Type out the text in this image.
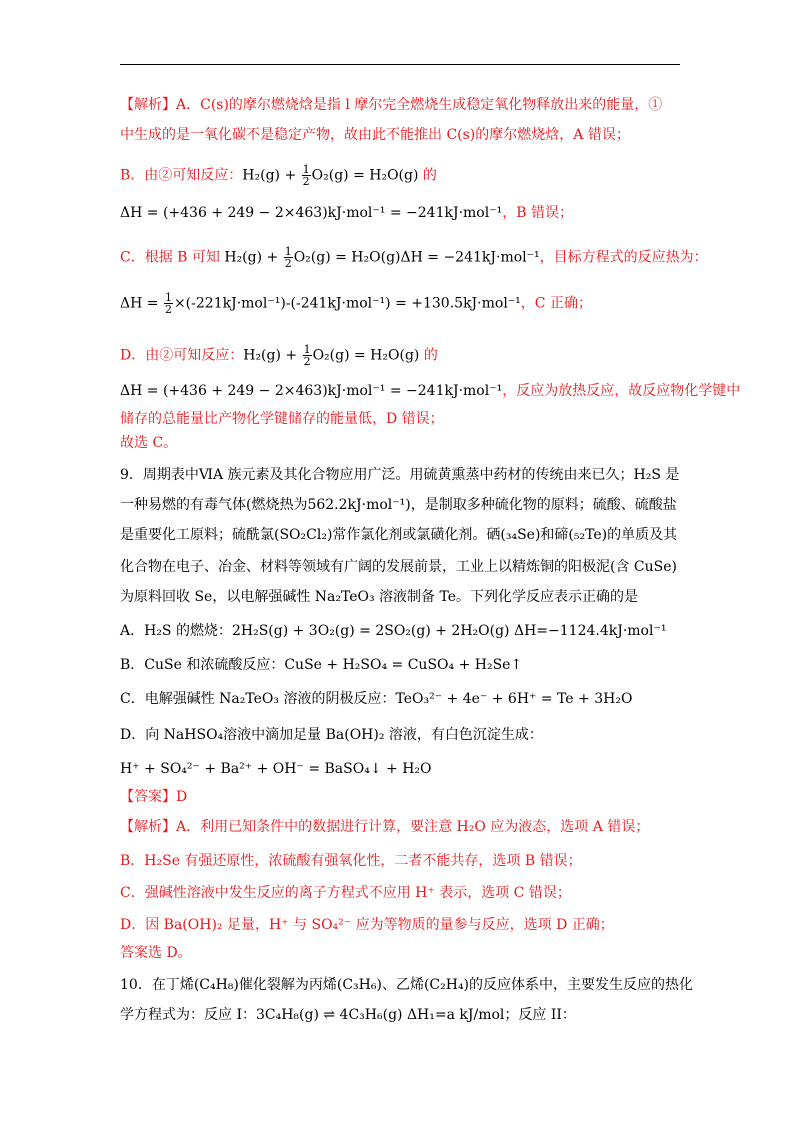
【解析】A．C(s)的摩尔燃烧焓是指 l 摩尔完全燃烧生成稳定氧化物释放出来的能量，①
中生成的是一氧化碳不是稳定产物，故由此不能推出 C(s)的摩尔燃烧焓，A 错误；
B．由②可知反应：$H_2(g) + \frac{1}{2} O_2(g) = H_2O(g)$ 的
ΔH = (+436 + 249 − 2×463)kJ·mol⁻¹ = −241kJ·mol⁻¹，B 错误；
C．根据 B 可知 $H_2(g) + \frac{1}{2} O_2(g) = H_2O(g)\Delta H = -241kJ\cdot mol^{-1}$，目标方程式的反应热为：
$\Delta H = \frac{1}{2} \times(-221kJ\cdot mol^{-1})-(-241kJ\cdot mol^{-1}) = +130.5kJ\cdot mol^{-1}$，C 正确；
D．由②可知反应：$H_2(g) + \frac{1}{2} O_2(g) = H_2O(g)$ 的
ΔH = (+436 + 249 − 2×463)kJ·mol⁻¹ = −241kJ·mol⁻¹，反应为放热反应，故反应物化学键中
储存的总能量比产物化学键储存的能量低，D 错误；
故选 C。
9．周期表中ⅥA 族元素及其化合物应用广泛。用硫黄熏蒸中药材的传统由来已久；H₂S 是
一种易燃的有毒气体(燃烧热为562.2kJ·mol⁻¹)，是制取多种硫化物的原料；硫酸、硫酸盐
是重要化工原料；硫酰氯(SO₂Cl₂)常作氯化剂或氯磺化剂。硒(₃₄Se)和碲(₅₂Te)的单质及其
化合物在电子、冶金、材料等领域有广阔的发展前景，工业上以精炼铜的阳极泥(含 CuSe)
为原料回收 Se，以电解强碱性 Na₂TeO₃ 溶液制备 Te。下列化学反应表示正确的是
A．H₂S 的燃烧：2H₂S(g) + 3O₂(g) = 2SO₂(g) + 2H₂O(g) ΔH=−1124.4kJ·mol⁻¹
B．CuSe 和浓硫酸反应：CuSe + H₂SO₄ = CuSO₄ + H₂Se↑
C．电解强碱性 Na₂TeO₃ 溶液的阴极反应：TeO₃²⁻ + 4e⁻ + 6H⁺ = Te + 3H₂O
D．向 NaHSO₄溶液中滴加足量 Ba(OH)₂ 溶液，有白色沉淀生成：
H⁺ + SO₄²⁻ + Ba²⁺ + OH⁻ = BaSO₄↓ + H₂O
【答案】D
【解析】A．利用已知条件中的数据进行计算，要注意 H₂O 应为液态，选项 A 错误；
B．H₂Se 有强还原性，浓硫酸有强氧化性，二者不能共存，选项 B 错误；
C．强碱性溶液中发生反应的离子方程式不应用 H⁺ 表示，选项 C 错误；
D．因 Ba(OH)₂ 足量，H⁺ 与 SO₄²⁻ 应为等物质的量参与反应，选项 D 正确；
答案选 D。
10．在丁烯(C₄H₈)催化裂解为丙烯(C₃H₆)、乙烯(C₂H₄)的反应体系中，主要发生反应的热化
学方程式为：反应 I：3C₄H₈(g) ⇌ 4C₃H₆(g) ΔH₁=a kJ/mol；反应 II：
